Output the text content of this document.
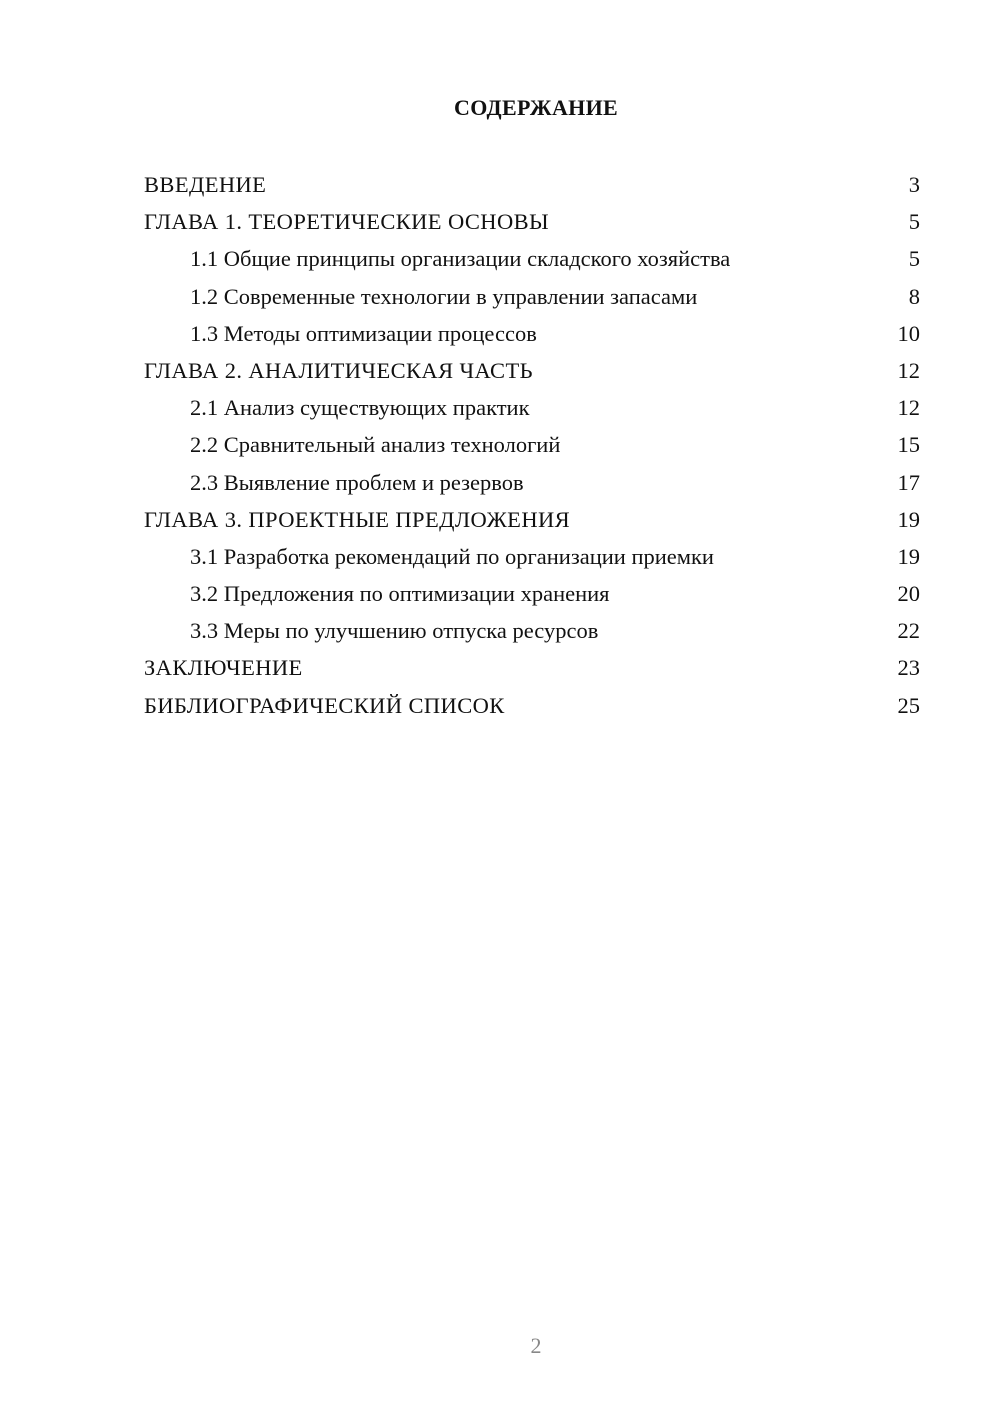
СОДЕРЖАНИЕ
ВВЕДЕНИЕ	3
ГЛАВА 1. ТЕОРЕТИЧЕСКИЕ ОСНОВЫ	5
1.1 Общие принципы организации складского хозяйства	5
1.2 Современные технологии в управлении запасами	8
1.3 Методы оптимизации процессов	10
ГЛАВА 2. АНАЛИТИЧЕСКАЯ ЧАСТЬ	12
2.1 Анализ существующих практик	12
2.2 Сравнительный анализ технологий	15
2.3 Выявление проблем и резервов	17
ГЛАВА 3. ПРОЕКТНЫЕ ПРЕДЛОЖЕНИЯ	19
3.1 Разработка рекомендаций по организации приемки	19
3.2 Предложения по оптимизации хранения	20
3.3 Меры по улучшению отпуска ресурсов	22
ЗАКЛЮЧЕНИЕ	23
БИБЛИОГРАФИЧЕСКИЙ СПИСОК	25
2
